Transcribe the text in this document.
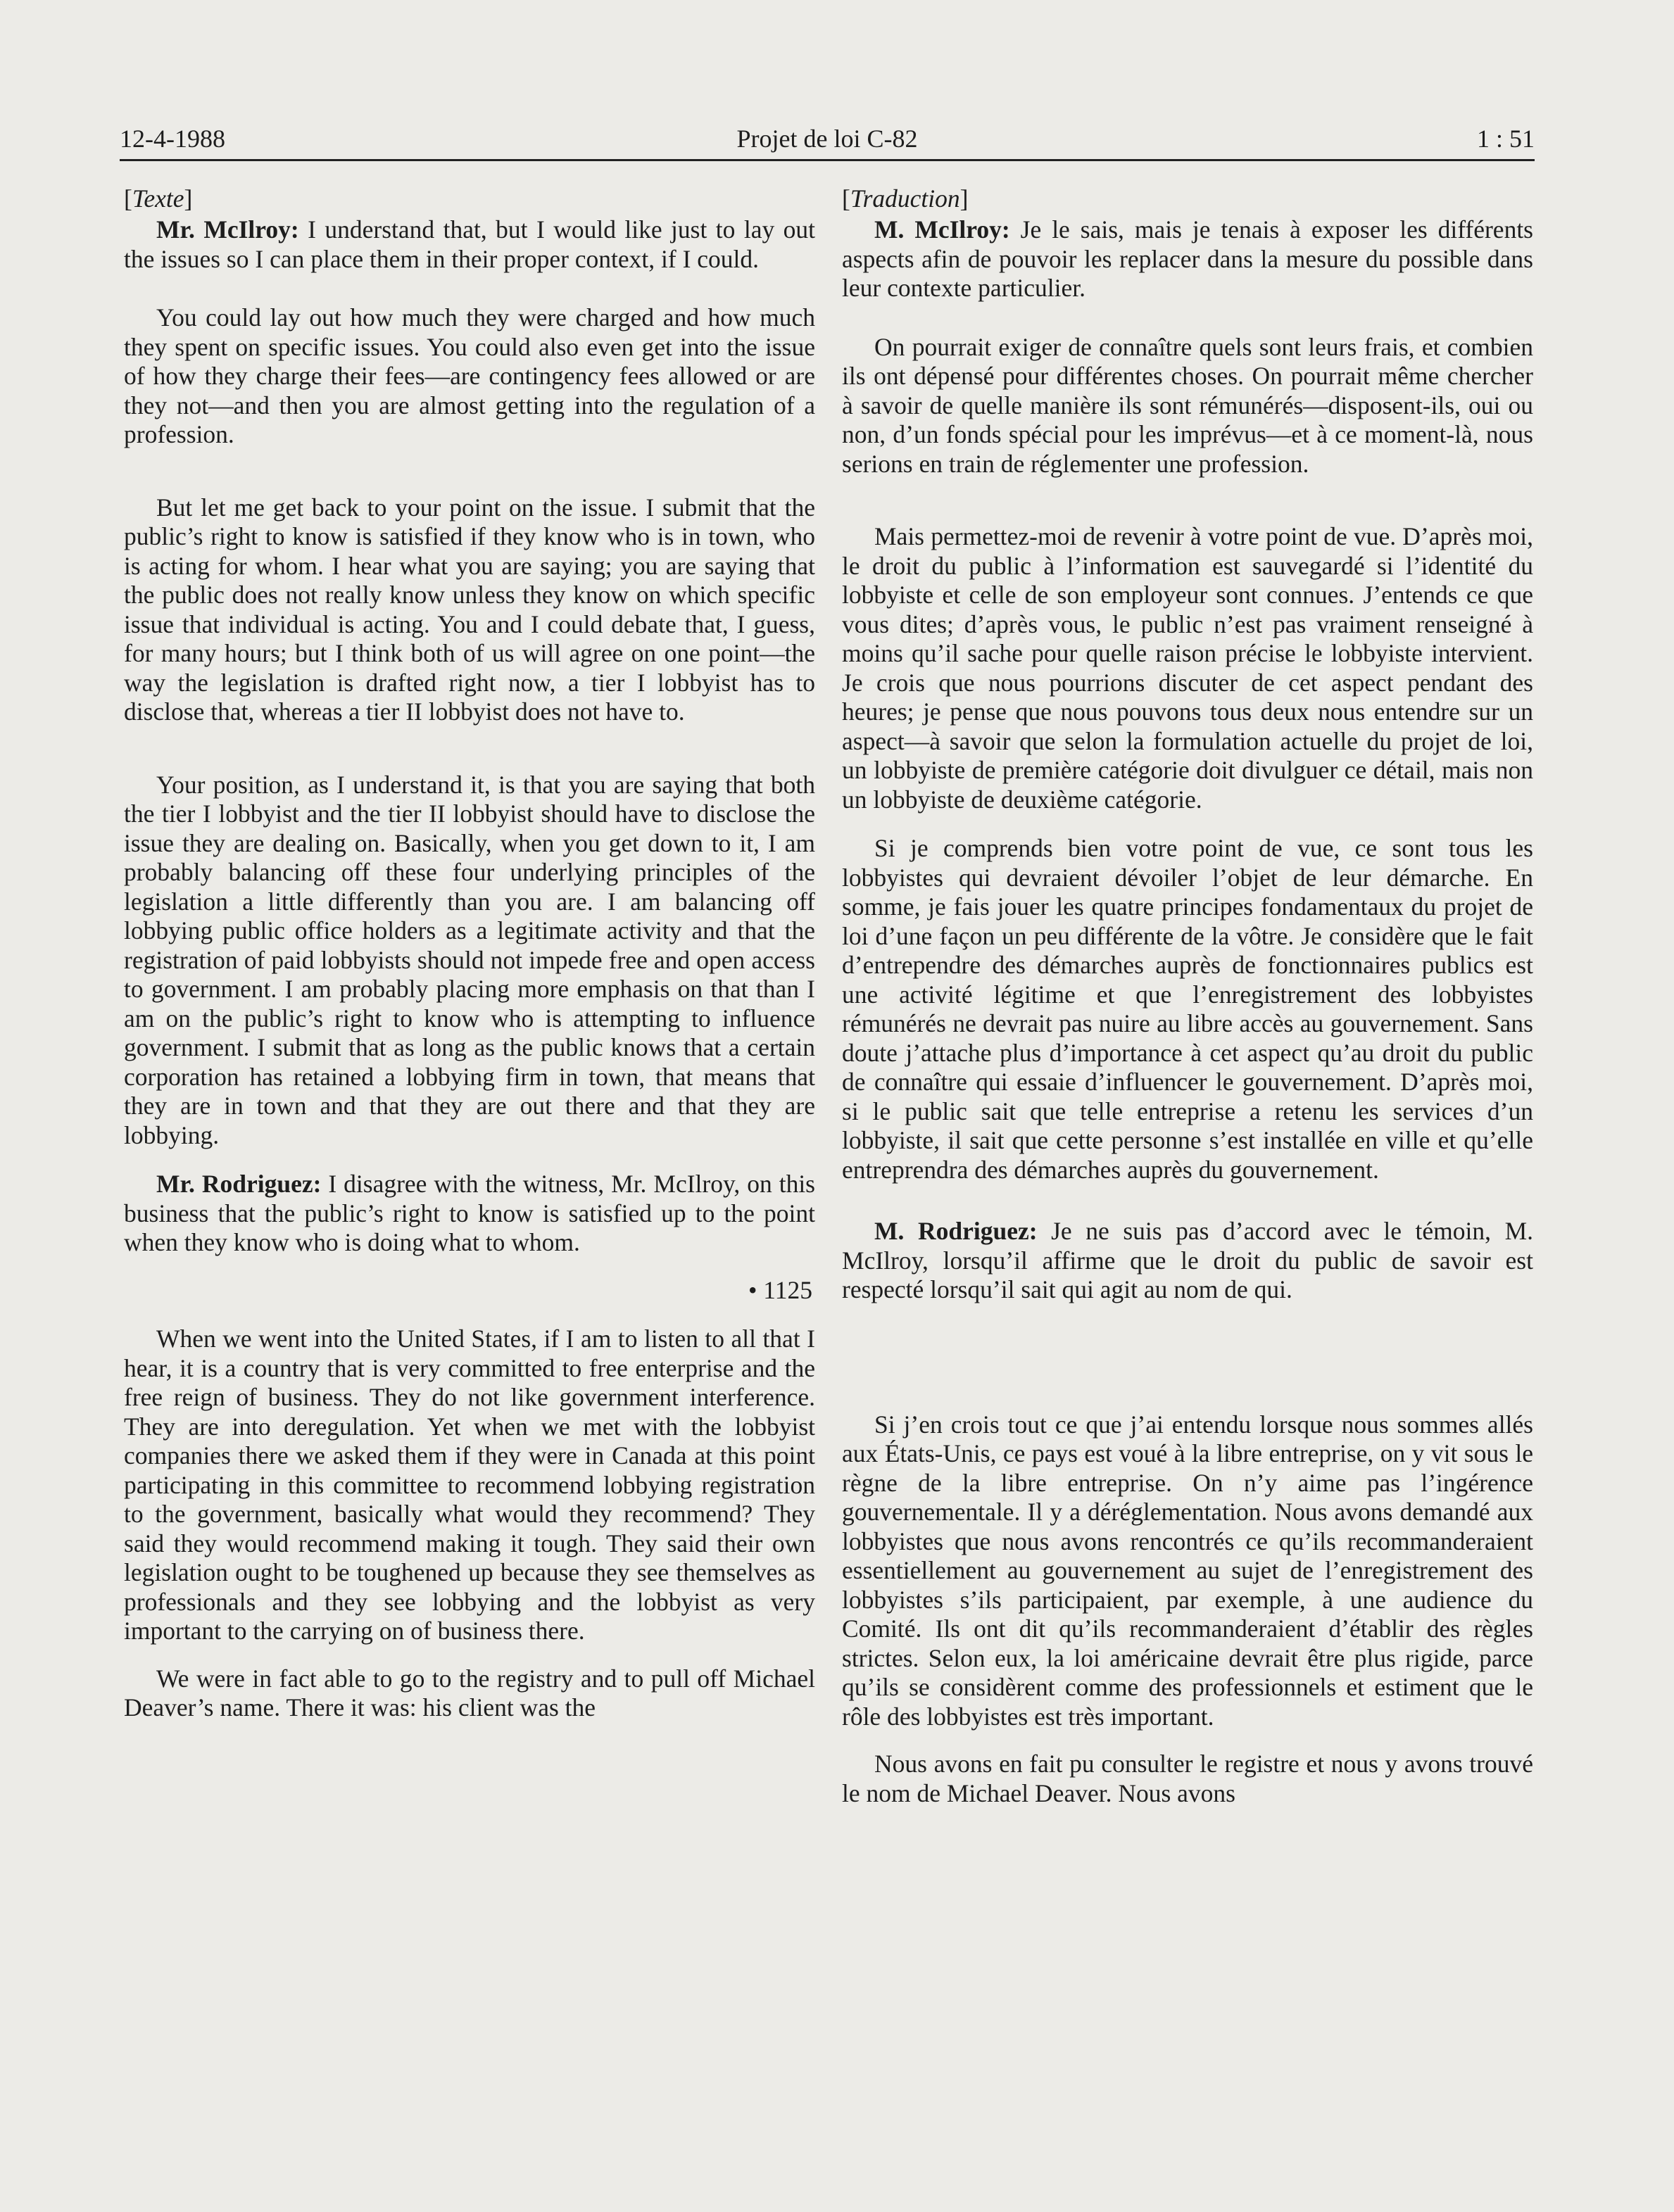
12-4-1988	Projet de loi C-82	1 : 51

[Texte]

Mr. McIlroy: I understand that, but I would like just to lay out the issues so I can place them in their proper context, if I could.

You could lay out how much they were charged and how much they spent on specific issues. You could also even get into the issue of how they charge their fees—are contingency fees allowed or are they not—and then you are almost getting into the regulation of a profession.

But let me get back to your point on the issue. I submit that the public’s right to know is satisfied if they know who is in town, who is acting for whom. I hear what you are saying; you are saying that the public does not really know unless they know on which specific issue that individual is acting. You and I could debate that, I guess, for many hours; but I think both of us will agree on one point—the way the legislation is drafted right now, a tier I lobbyist has to disclose that, whereas a tier II lobbyist does not have to.

Your position, as I understand it, is that you are saying that both the tier I lobbyist and the tier II lobbyist should have to disclose the issue they are dealing on. Basically, when you get down to it, I am probably balancing off these four underlying principles of the legislation a little differently than you are. I am balancing off lobbying public office holders as a legitimate activity and that the registration of paid lobbyists should not impede free and open access to government. I am probably placing more emphasis on that than I am on the public’s right to know who is attempting to influence government. I submit that as long as the public knows that a certain corporation has retained a lobbying firm in town, that means that they are in town and that they are out there and that they are lobbying.

Mr. Rodriguez: I disagree with the witness, Mr. McIlroy, on this business that the public’s right to know is satisfied up to the point when they know who is doing what to whom.

• 1125

When we went into the United States, if I am to listen to all that I hear, it is a country that is very committed to free enterprise and the free reign of business. They do not like government interference. They are into deregulation. Yet when we met with the lobbyist companies there we asked them if they were in Canada at this point participating in this committee to recommend lobbying registration to the government, basically what would they recommend? They said they would recommend making it tough. They said their own legislation ought to be toughened up because they see themselves as professionals and they see lobbying and the lobbyist as very important to the carrying on of business there.

We were in fact able to go to the registry and to pull off Michael Deaver’s name. There it was: his client was the

[Traduction]

M. McIlroy: Je le sais, mais je tenais à exposer les différents aspects afin de pouvoir les replacer dans la mesure du possible dans leur contexte particulier.

On pourrait exiger de connaître quels sont leurs frais, et combien ils ont dépensé pour différentes choses. On pourrait même chercher à savoir de quelle manière ils sont rémunérés—disposent-ils, oui ou non, d’un fonds spécial pour les imprévus—et à ce moment-là, nous serions en train de réglementer une profession.

Mais permettez-moi de revenir à votre point de vue. D’après moi, le droit du public à l’information est sauvegardé si l’identité du lobbyiste et celle de son employeur sont connues. J’entends ce que vous dites; d’après vous, le public n’est pas vraiment renseigné à moins qu’il sache pour quelle raison précise le lobbyiste intervient. Je crois que nous pourrions discuter de cet aspect pendant des heures; je pense que nous pouvons tous deux nous entendre sur un aspect—à savoir que selon la formulation actuelle du projet de loi, un lobbyiste de première catégorie doit divulguer ce détail, mais non un lobbyiste de deuxième catégorie.

Si je comprends bien votre point de vue, ce sont tous les lobbyistes qui devraient dévoiler l’objet de leur démarche. En somme, je fais jouer les quatre principes fondamentaux du projet de loi d’une façon un peu différente de la vôtre. Je considère que le fait d’entrependre des démarches auprès de fonctionnaires publics est une activité légitime et que l’enregistrement des lobbyistes rémunérés ne devrait pas nuire au libre accès au gouvernement. Sans doute j’attache plus d’importance à cet aspect qu’au droit du public de connaître qui essaie d’influencer le gouvernement. D’après moi, si le public sait que telle entreprise a retenu les services d’un lobbyiste, il sait que cette personne s’est installée en ville et qu’elle entreprendra des démarches auprès du gouvernement.

M. Rodriguez: Je ne suis pas d’accord avec le témoin, M. McIlroy, lorsqu’il affirme que le droit du public de savoir est respecté lorsqu’il sait qui agit au nom de qui.

Si j’en crois tout ce que j’ai entendu lorsque nous sommes allés aux États-Unis, ce pays est voué à la libre entreprise, on y vit sous le règne de la libre entreprise. On n’y aime pas l’ingérence gouvernementale. Il y a déréglementation. Nous avons demandé aux lobbyistes que nous avons rencontrés ce qu’ils recommanderaient essentiellement au gouvernement au sujet de l’enregistrement des lobbyistes s’ils participaient, par exemple, à une audience du Comité. Ils ont dit qu’ils recommanderaient d’établir des règles strictes. Selon eux, la loi américaine devrait être plus rigide, parce qu’ils se considèrent comme des professionnels et estiment que le rôle des lobbyistes est très important.

Nous avons en fait pu consulter le registre et nous y avons trouvé le nom de Michael Deaver. Nous avons
